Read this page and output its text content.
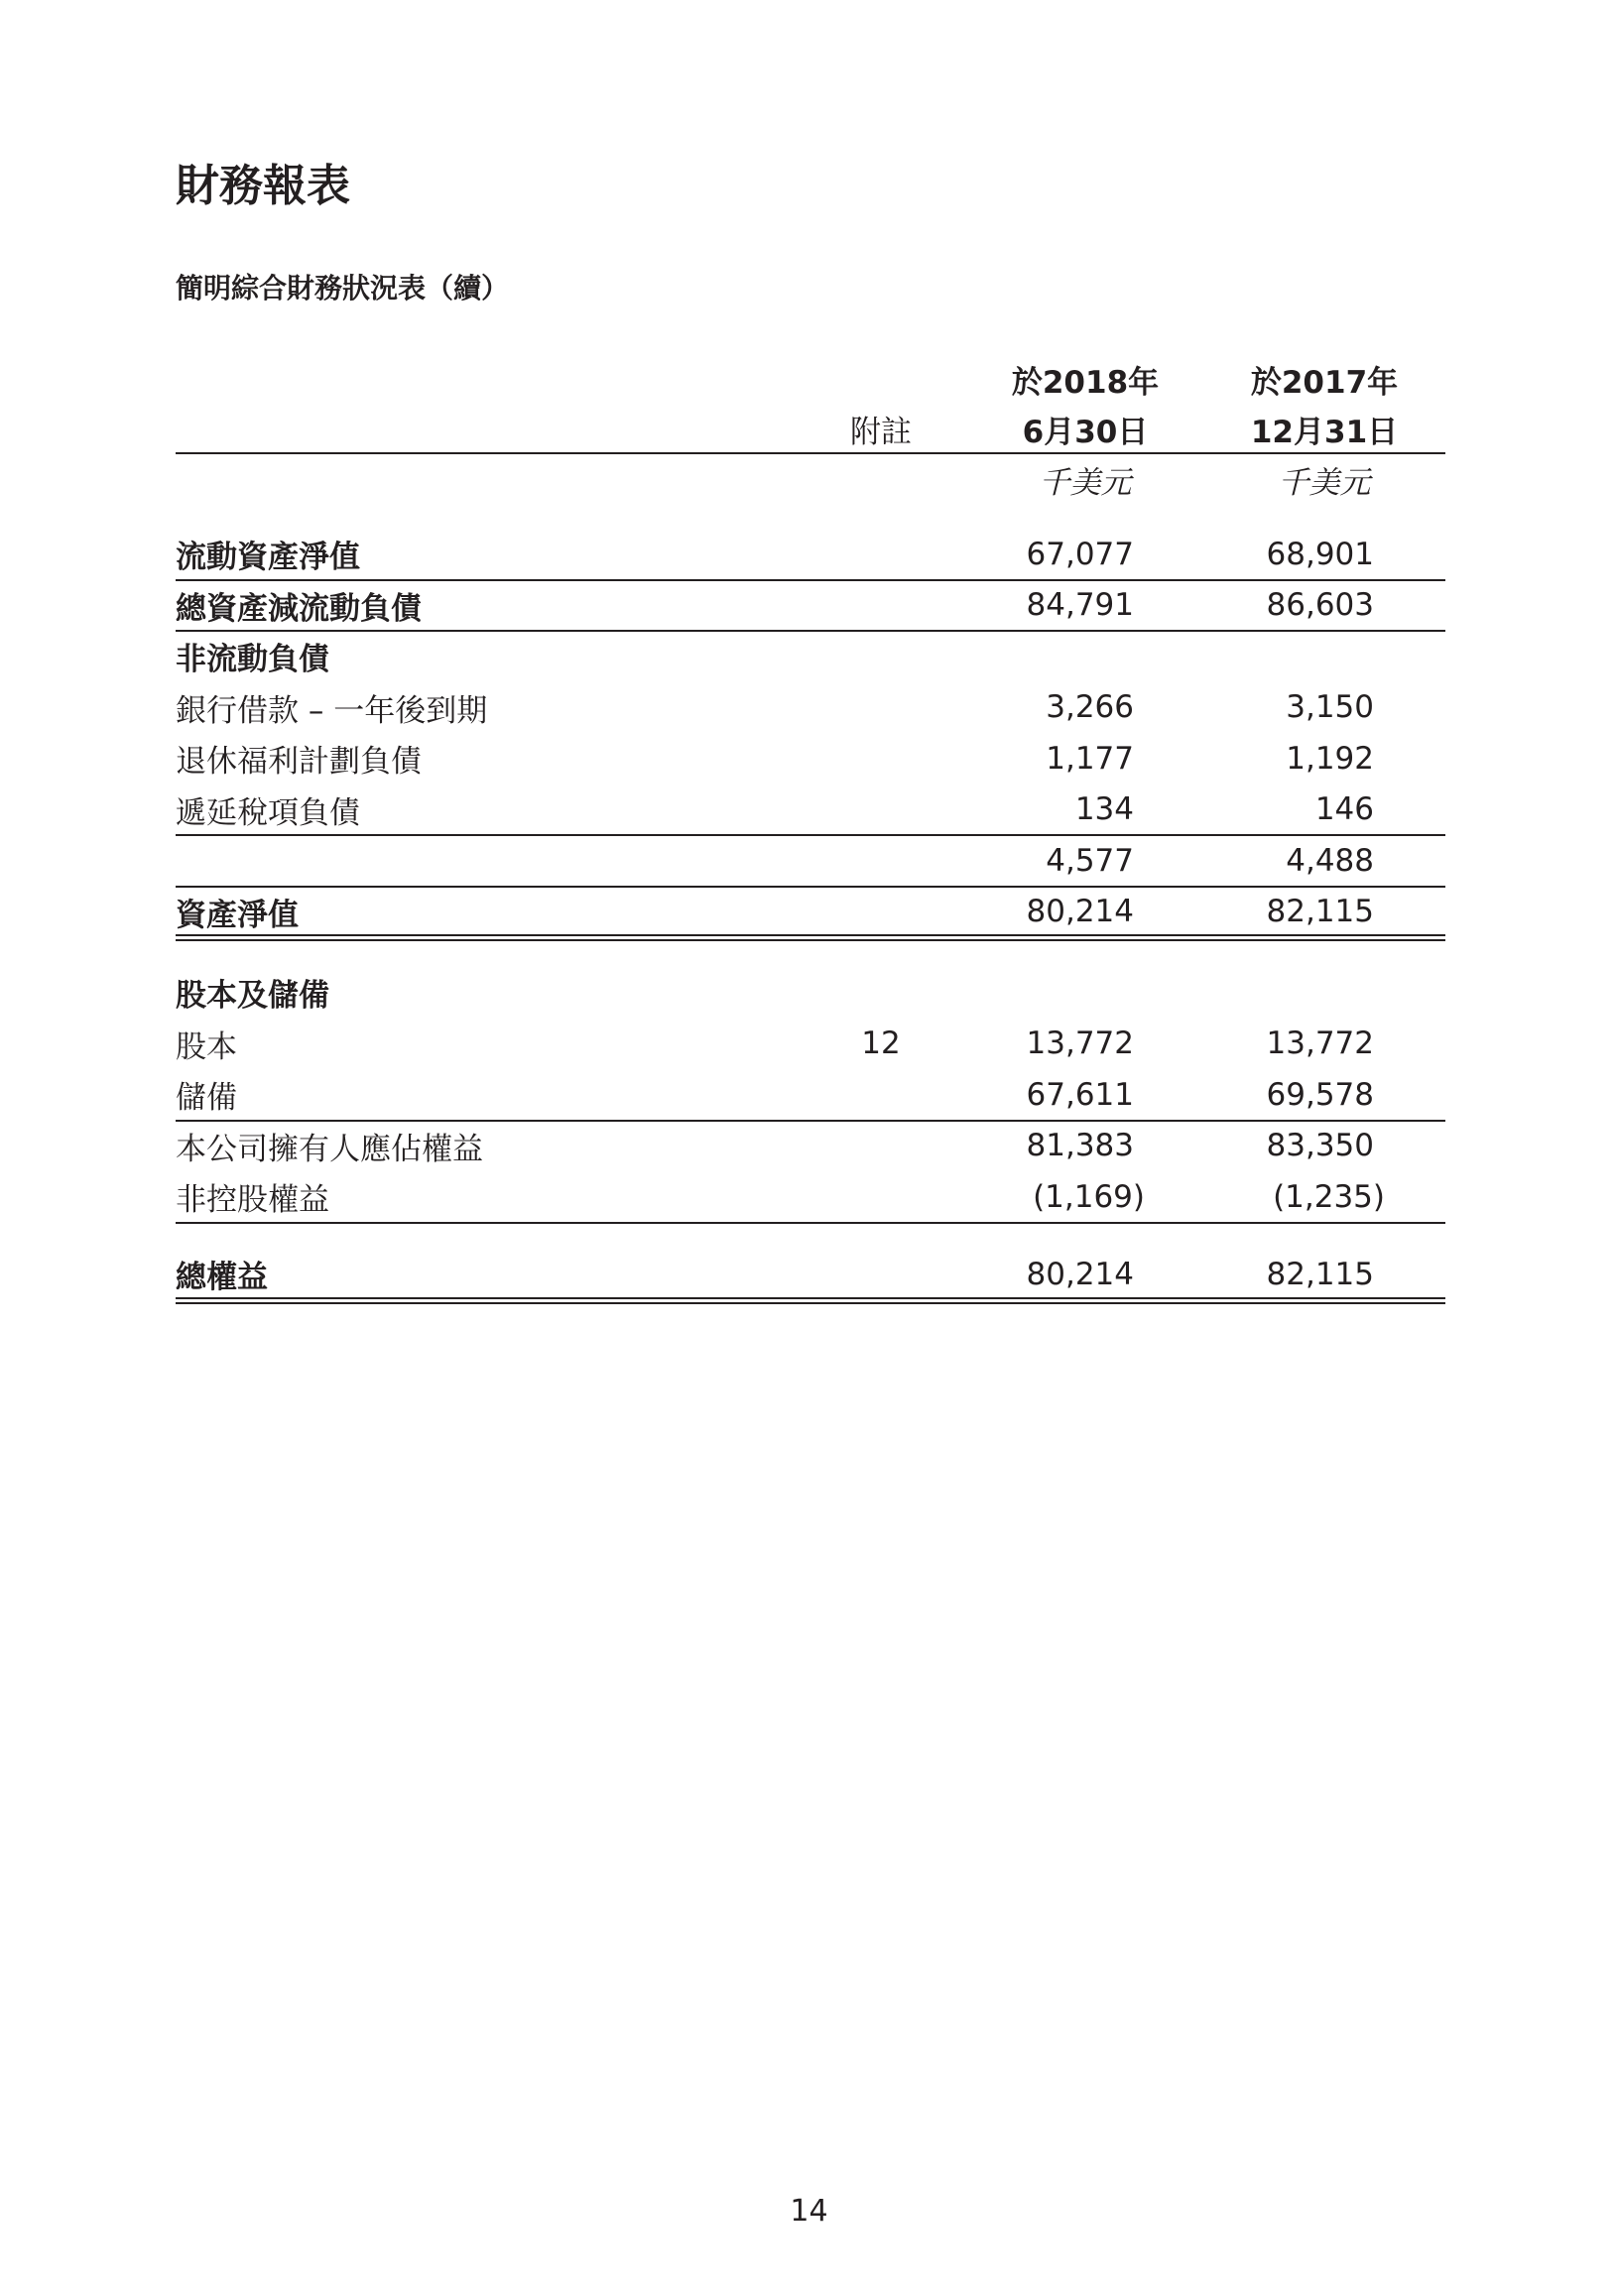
財務報表
簡明綜合財務狀況表（續）
於2018年	於2017年
附註	6月30日	12月31日
千美元	千美元
流動資產淨值	67,077	68,901
總資產減流動負債	84,791	86,603
非流動負債
銀行借款 – 一年後到期	3,266	3,150
退休福利計劃負債	1,177	1,192
遞延稅項負債	134	146
4,577	4,488
資產淨值	80,214	82,115
股本及儲備
股本	12	13,772	13,772
儲備	67,611	69,578
本公司擁有人應佔權益	81,383	83,350
非控股權益	(1,169)	(1,235)
總權益	80,214	82,115
14
